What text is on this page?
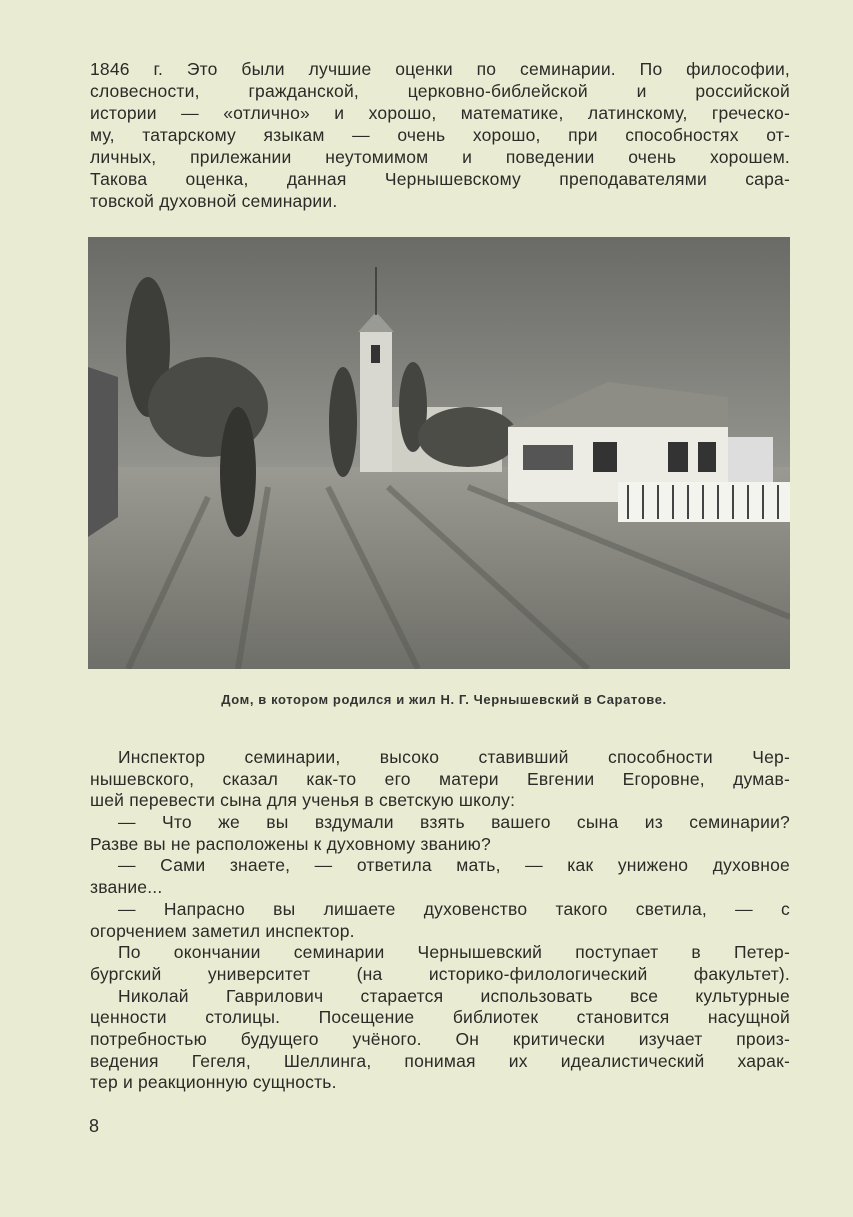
1846 г. Это были лучшие оценки по семинарии. По философии,
словесности, гражданской, церковно-библейской и российской
истории — «отлично» и хорошо, математике, латинскому, греческо-
му, татарскому языкам — очень хорошо, при способностях от-
личных, прилежании неутомимом и поведении очень хорошем.
Такова оценка, данная Чернышевскому преподавателями сара-
товской духовной семинарии.
Дом, в котором родился и жил Н. Г. Чернышевский в Саратове.
Инспектор семинарии, высоко ставивший способности Чер-
нышевского, сказал как-то его матери Евгении Егоровне, думав-
шей перевести сына для ученья в светскую школу:
— Что же вы вздумали взять вашего сына из семинарии?
Разве вы не расположены к духовному званию?
— Сами знаете, — ответила мать, — как унижено духовное
звание...
— Напрасно вы лишаете духовенство такого светила, — с
огорчением заметил инспектор.
По окончании семинарии Чернышевский поступает в Петер-
бургский университет (на историко-филологический факультет).
Николай Гаврилович старается использовать все культурные
ценности столицы. Посещение библиотек становится насущной
потребностью будущего учёного. Он критически изучает произ-
ведения Гегеля, Шеллинга, понимая их идеалистический харак-
тер и реакционную сущность.
8
